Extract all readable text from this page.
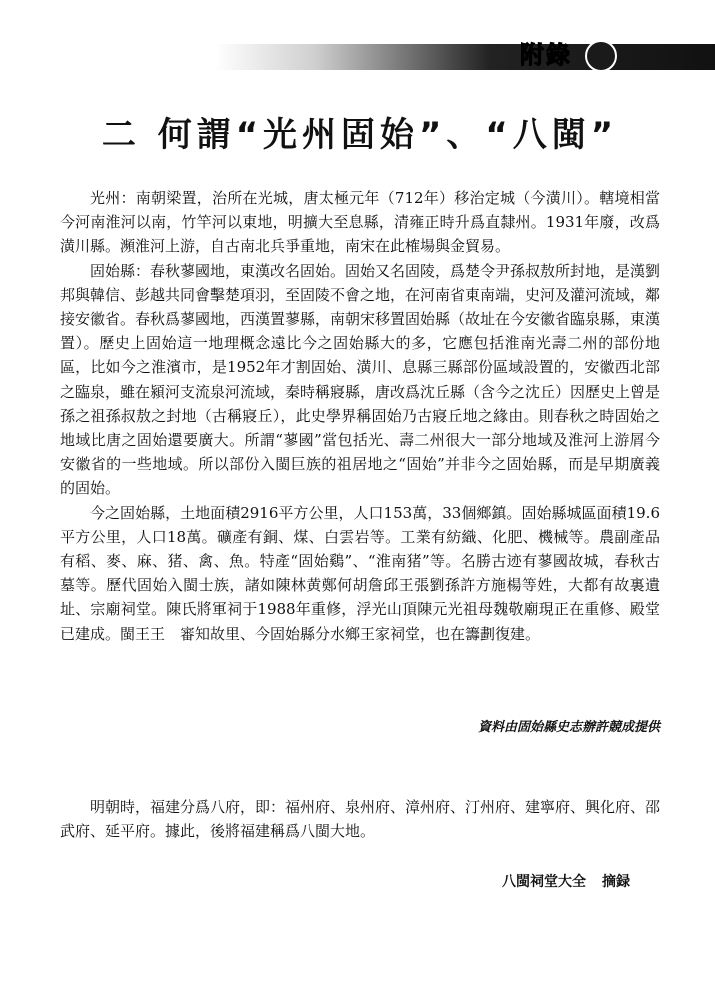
附錄
二 何謂“光州固始”、“八閩”

光州：南朝梁置，治所在光城，唐太極元年（712年）移治定城（今潢川）。轄境相當今河南淮河以南，竹竿河以東地，明擴大至息縣，清雍正時升爲直隸州。1931年廢，改爲潢川縣。瀕淮河上游，自古南北兵爭重地，南宋在此榷場與金貿易。

固始縣：春秋蓼國地，東漢改名固始。固始又名固陵，爲楚令尹孫叔敖所封地，是漢劉邦與韓信、彭越共同會擊楚項羽，至固陵不會之地，在河南省東南端，史河及灌河流域，鄰接安徽省。春秋爲蓼國地，西漢置蓼縣，南朝宋移置固始縣（故址在今安徽省臨泉縣，東漢置）。歷史上固始這一地理概念遠比今之固始縣大的多，它應包括淮南光壽二州的部份地區，比如今之淮濱市，是1952年才割固始、潢川、息縣三縣部份區域設置的，安徽西北部之臨泉，雖在潁河支流泉河流域，秦時稱寢縣，唐改爲沈丘縣（含今之沈丘）因歷史上曾是孫之祖孫叔敖之封地（古稱寢丘），此史學界稱固始乃古寢丘地之緣由。則春秋之時固始之地域比唐之固始還要廣大。所謂“蓼國”當包括光、壽二州很大一部分地域及淮河上游屑今安徽省的一些地域。所以部份入閩巨族的祖居地之“固始”并非今之固始縣，而是早期廣義的固始。

今之固始縣，土地面積2916平方公里，人口153萬，33個鄉鎮。固始縣城區面積19.6平方公里，人口18萬。礦產有銅、煤、白雲岩等。工業有紡織、化肥、機械等。農副產品有稻、麥、麻、猪、禽、魚。特產“固始鷄”、“淮南猪”等。名勝古迹有蓼國故城，春秋古墓等。歷代固始入閩士族，諸如陳林黄鄭何胡詹邱王張劉孫許方施楊等姓，大都有故裏遺址、宗廟祠堂。陳氏將軍祠于1988年重修，浮光山頂陳元光祖母魏敬廟現正在重修、殿堂已建成。閩王王　審知故里、今固始縣分水鄉王家祠堂，也在籌劃復建。

資料由固始縣史志辦許競成提供

明朝時，福建分爲八府，即：福州府、泉州府、漳州府、汀州府、建寧府、興化府、邵武府、延平府。據此，後將福建稱爲八閩大地。

八閩祠堂大全 摘録
